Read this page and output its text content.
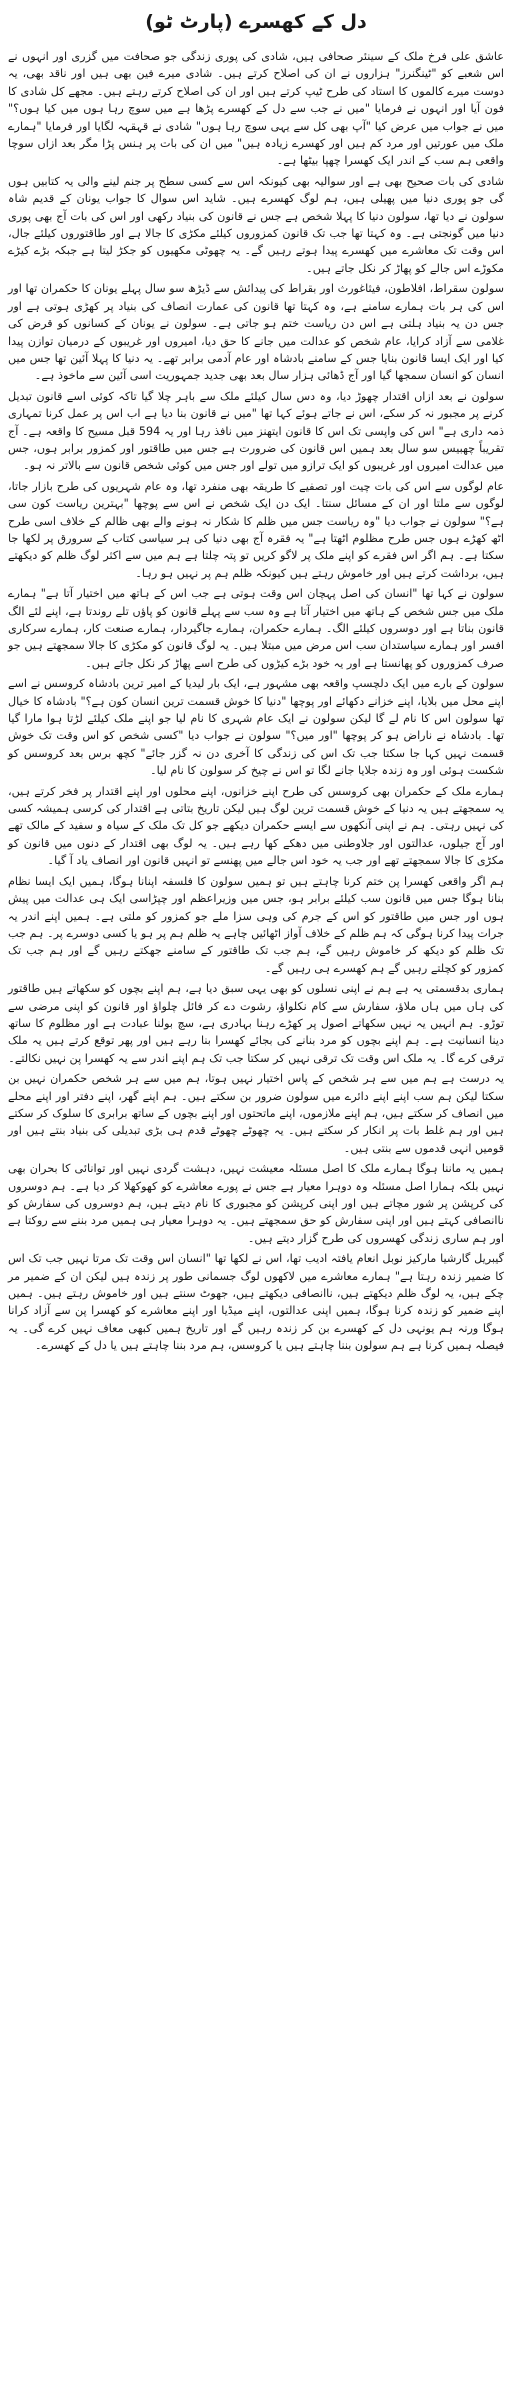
دل کے کھسرے (پارٹ ٹو)

عاشق علی فرخ ملک کے سینئر صحافی ہیں، شادی کی پوری زندگی جو صحافت میں گزری اور انہوں نے اس شعبے کو "ٹینگنرز" ہزاروں نے ان کی اصلاح کرتے ہیں۔ شادی میرے فین بھی ہیں اور ناقد بھی، یہ دوست میرے کالموں کا استاد کی طرح ٹیپ کرتے ہیں اور ان کی اصلاح کرتے رہتے ہیں۔ مجھے کل شادی کا فون آیا اور انہوں نے فرمایا "میں نے جب سے دل کے کھسرے پڑھا ہے میں سوچ رہا ہوں میں کیا ہوں؟" میں نے جواب میں عرض کیا "آپ بھی کل سے یہی سوچ رہا ہوں" شادی نے قہقہہ لگایا اور فرمایا "ہمارے ملک میں عورتیں اور مرد کم ہیں اور کھسرے زیادہ ہیں" میں ان کی بات پر ہنس پڑا مگر بعد ازاں سوچا واقعی ہم سب کے اندر ایک کھسرا چھپا بیٹھا ہے۔

شادی کی بات صحیح بھی ہے اور سوالیہ بھی کیونکہ اس سے کسی سطح پر جنم لینے والی یہ کتابیں ہوں گی جو پوری دنیا میں پھیلی ہیں، ہم لوگ کھسرے ہیں۔ شاید اس سوال کا جواب یونان کے قدیم شاہ سولون نے دیا تھا، سولون دنیا کا پہلا شخص ہے جس نے قانون کی بنیاد رکھی اور اس کی بات آج بھی پوری دنیا میں گونجتی ہے۔ وہ کہتا تھا جب تک قانون کمزوروں کیلئے مکڑی کا جالا ہے اور طاقتوروں کیلئے جال، اس وقت تک معاشرے میں کھسرے پیدا ہوتے رہیں گے۔ یہ چھوٹی مکھیوں کو جکڑ لیتا ہے جبکہ بڑے کیڑے مکوڑے اس جالے کو پھاڑ کر نکل جاتے ہیں۔

سولون سقراط، افلاطون، فیثاغورث اور بقراط کی پیدائش سے ڈیڑھ سو سال پہلے یونان کا حکمران تھا اور اس کی ہر بات ہمارے سامنے ہے، وہ کہتا تھا قانون کی عمارت انصاف کی بنیاد پر کھڑی ہوتی ہے اور جس دن یہ بنیاد ہلتی ہے اس دن ریاست ختم ہو جاتی ہے۔ سولون نے یونان کے کسانوں کو قرض کی غلامی سے آزاد کرایا، عام شخص کو عدالت میں جانے کا حق دیا، امیروں اور غریبوں کے درمیان توازن پیدا کیا اور ایک ایسا قانون بنایا جس کے سامنے بادشاہ اور عام آدمی برابر تھے۔ یہ دنیا کا پہلا آئین تھا جس میں انسان کو انسان سمجھا گیا اور آج ڈھائی ہزار سال بعد بھی جدید جمہوریت اسی آئین سے ماخوذ ہے۔

سولون نے بعد ازاں اقتدار چھوڑ دیا، وہ دس سال کیلئے ملک سے باہر چلا گیا تاکہ کوئی اسے قانون تبدیل کرنے پر مجبور نہ کر سکے، اس نے جاتے ہوئے کہا تھا "میں نے قانون بنا دیا ہے اب اس پر عمل کرنا تمہاری ذمہ داری ہے" اس کی واپسی تک اس کا قانون ایتھنز میں نافذ رہا اور یہ 594 قبل مسیح کا واقعہ ہے۔ آج تقریباً چھبیس سو سال بعد ہمیں اس قانون کی ضرورت ہے جس میں طاقتور اور کمزور برابر ہوں، جس میں عدالت امیروں اور غریبوں کو ایک ترازو میں تولے اور جس میں کوئی شخص قانون سے بالاتر نہ ہو۔

عام لوگوں سے اس کی بات چیت اور تصفیے کا طریقہ بھی منفرد تھا، وہ عام شہریوں کی طرح بازار جاتا، لوگوں سے ملتا اور ان کے مسائل سنتا۔ ایک دن ایک شخص نے اس سے پوچھا "بہترین ریاست کون سی ہے؟" سولون نے جواب دیا "وہ ریاست جس میں ظلم کا شکار نہ ہونے والے بھی ظالم کے خلاف اسی طرح اٹھ کھڑے ہوں جس طرح مظلوم اٹھتا ہے" یہ فقرہ آج بھی دنیا کی ہر سیاسی کتاب کے سرورق پر لکھا جا سکتا ہے۔ ہم اگر اس فقرے کو اپنے ملک پر لاگو کریں تو پتہ چلتا ہے ہم میں سے اکثر لوگ ظلم کو دیکھتے ہیں، برداشت کرتے ہیں اور خاموش رہتے ہیں کیونکہ ظلم ہم پر نہیں ہو رہا۔

سولون نے کہا تھا "انسان کی اصل پہچان اس وقت ہوتی ہے جب اس کے ہاتھ میں اختیار آتا ہے" ہمارے ملک میں جس شخص کے ہاتھ میں اختیار آتا ہے وہ سب سے پہلے قانون کو پاؤں تلے روندتا ہے، اپنے لئے الگ قانون بناتا ہے اور دوسروں کیلئے الگ۔ ہمارے حکمران، ہمارے جاگیردار، ہمارے صنعت کار، ہمارے سرکاری افسر اور ہمارے سیاستدان سب اس مرض میں مبتلا ہیں۔ یہ لوگ قانون کو مکڑی کا جالا سمجھتے ہیں جو صرف کمزوروں کو پھانستا ہے اور یہ خود بڑے کیڑوں کی طرح اسے پھاڑ کر نکل جاتے ہیں۔

سولون کے بارے میں ایک دلچسپ واقعہ بھی مشہور ہے، ایک بار لیدیا کے امیر ترین بادشاہ کروسس نے اسے اپنے محل میں بلایا، اپنے خزانے دکھائے اور پوچھا "دنیا کا خوش قسمت ترین انسان کون ہے؟" بادشاہ کا خیال تھا سولون اس کا نام لے گا لیکن سولون نے ایک عام شہری کا نام لیا جو اپنے ملک کیلئے لڑتا ہوا مارا گیا تھا۔ بادشاہ نے ناراض ہو کر پوچھا "اور میں؟" سولون نے جواب دیا "کسی شخص کو اس وقت تک خوش قسمت نہیں کہا جا سکتا جب تک اس کی زندگی کا آخری دن نہ گزر جائے" کچھ برس بعد کروسس کو شکست ہوئی اور وہ زندہ جلایا جانے لگا تو اس نے چیخ کر سولون کا نام لیا۔

ہمارے ملک کے حکمران بھی کروسس کی طرح اپنے خزانوں، اپنے محلوں اور اپنے اقتدار پر فخر کرتے ہیں، یہ سمجھتے ہیں یہ دنیا کے خوش قسمت ترین لوگ ہیں لیکن تاریخ بتاتی ہے اقتدار کی کرسی ہمیشہ کسی کی نہیں رہتی۔ ہم نے اپنی آنکھوں سے ایسے حکمران دیکھے جو کل تک ملک کے سیاہ و سفید کے مالک تھے اور آج جیلوں، عدالتوں اور جلاوطنی میں دھکے کھا رہے ہیں۔ یہ لوگ بھی اقتدار کے دنوں میں قانون کو مکڑی کا جالا سمجھتے تھے اور جب یہ خود اس جالے میں پھنسے تو انہیں قانون اور انصاف یاد آ گیا۔

ہم اگر واقعی کھسرا پن ختم کرنا چاہتے ہیں تو ہمیں سولون کا فلسفہ اپنانا ہوگا، ہمیں ایک ایسا نظام بنانا ہوگا جس میں قانون سب کیلئے برابر ہو، جس میں وزیراعظم اور چپڑاسی ایک ہی عدالت میں پیش ہوں اور جس میں طاقتور کو اس کے جرم کی وہی سزا ملے جو کمزور کو ملتی ہے۔ ہمیں اپنے اندر یہ جرات پیدا کرنا ہوگی کہ ہم ظلم کے خلاف آواز اٹھائیں چاہے یہ ظلم ہم پر ہو یا کسی دوسرے پر۔ ہم جب تک ظلم کو دیکھ کر خاموش رہیں گے، ہم جب تک طاقتور کے سامنے جھکتے رہیں گے اور ہم جب تک کمزور کو کچلتے رہیں گے ہم کھسرے ہی رہیں گے۔

ہماری بدقسمتی یہ ہے ہم نے اپنی نسلوں کو بھی یہی سبق دیا ہے، ہم اپنے بچوں کو سکھاتے ہیں طاقتور کی ہاں میں ہاں ملاؤ، سفارش سے کام نکلواؤ، رشوت دے کر فائل چلواؤ اور قانون کو اپنی مرضی سے توڑو۔ ہم انہیں یہ نہیں سکھاتے اصول پر کھڑے رہنا بہادری ہے، سچ بولنا عبادت ہے اور مظلوم کا ساتھ دینا انسانیت ہے۔ ہم اپنے بچوں کو مرد بنانے کی بجائے کھسرا بنا رہے ہیں اور پھر توقع کرتے ہیں یہ ملک ترقی کرے گا۔ یہ ملک اس وقت تک ترقی نہیں کر سکتا جب تک ہم اپنے اندر سے یہ کھسرا پن نہیں نکالتے۔

یہ درست ہے ہم میں سے ہر شخص کے پاس اختیار نہیں ہوتا، ہم میں سے ہر شخص حکمران نہیں بن سکتا لیکن ہم سب اپنے اپنے دائرے میں سولون ضرور بن سکتے ہیں۔ ہم اپنے گھر، اپنے دفتر اور اپنے محلے میں انصاف کر سکتے ہیں، ہم اپنے ملازموں، اپنے ماتحتوں اور اپنے بچوں کے ساتھ برابری کا سلوک کر سکتے ہیں اور ہم غلط بات پر انکار کر سکتے ہیں۔ یہ چھوٹے چھوٹے قدم ہی بڑی تبدیلی کی بنیاد بنتے ہیں اور قومیں انہی قدموں سے بنتی ہیں۔

ہمیں یہ ماننا ہوگا ہمارے ملک کا اصل مسئلہ معیشت نہیں، دہشت گردی نہیں اور توانائی کا بحران بھی نہیں بلکہ ہمارا اصل مسئلہ وہ دوہرا معیار ہے جس نے پورے معاشرے کو کھوکھلا کر دیا ہے۔ ہم دوسروں کی کرپشن پر شور مچاتے ہیں اور اپنی کرپشن کو مجبوری کا نام دیتے ہیں، ہم دوسروں کی سفارش کو ناانصافی کہتے ہیں اور اپنی سفارش کو حق سمجھتے ہیں۔ یہ دوہرا معیار ہی ہمیں مرد بننے سے روکتا ہے اور ہم ساری زندگی کھسروں کی طرح گزار دیتے ہیں۔

گیبریل گارشیا مارکیز نوبل انعام یافتہ ادیب تھا، اس نے لکھا تھا "انسان اس وقت تک مرتا نہیں جب تک اس کا ضمیر زندہ رہتا ہے" ہمارے معاشرے میں لاکھوں لوگ جسمانی طور پر زندہ ہیں لیکن ان کے ضمیر مر چکے ہیں، یہ لوگ ظلم دیکھتے ہیں، ناانصافی دیکھتے ہیں، جھوٹ سنتے ہیں اور خاموش رہتے ہیں۔ ہمیں اپنے ضمیر کو زندہ کرنا ہوگا، ہمیں اپنی عدالتوں، اپنے میڈیا اور اپنے معاشرے کو کھسرا پن سے آزاد کرانا ہوگا ورنہ ہم یونہی دل کے کھسرے بن کر زندہ رہیں گے اور تاریخ ہمیں کبھی معاف نہیں کرے گی۔ یہ فیصلہ ہمیں کرنا ہے ہم سولون بننا چاہتے ہیں یا کروسس، ہم مرد بننا چاہتے ہیں یا دل کے کھسرے۔
